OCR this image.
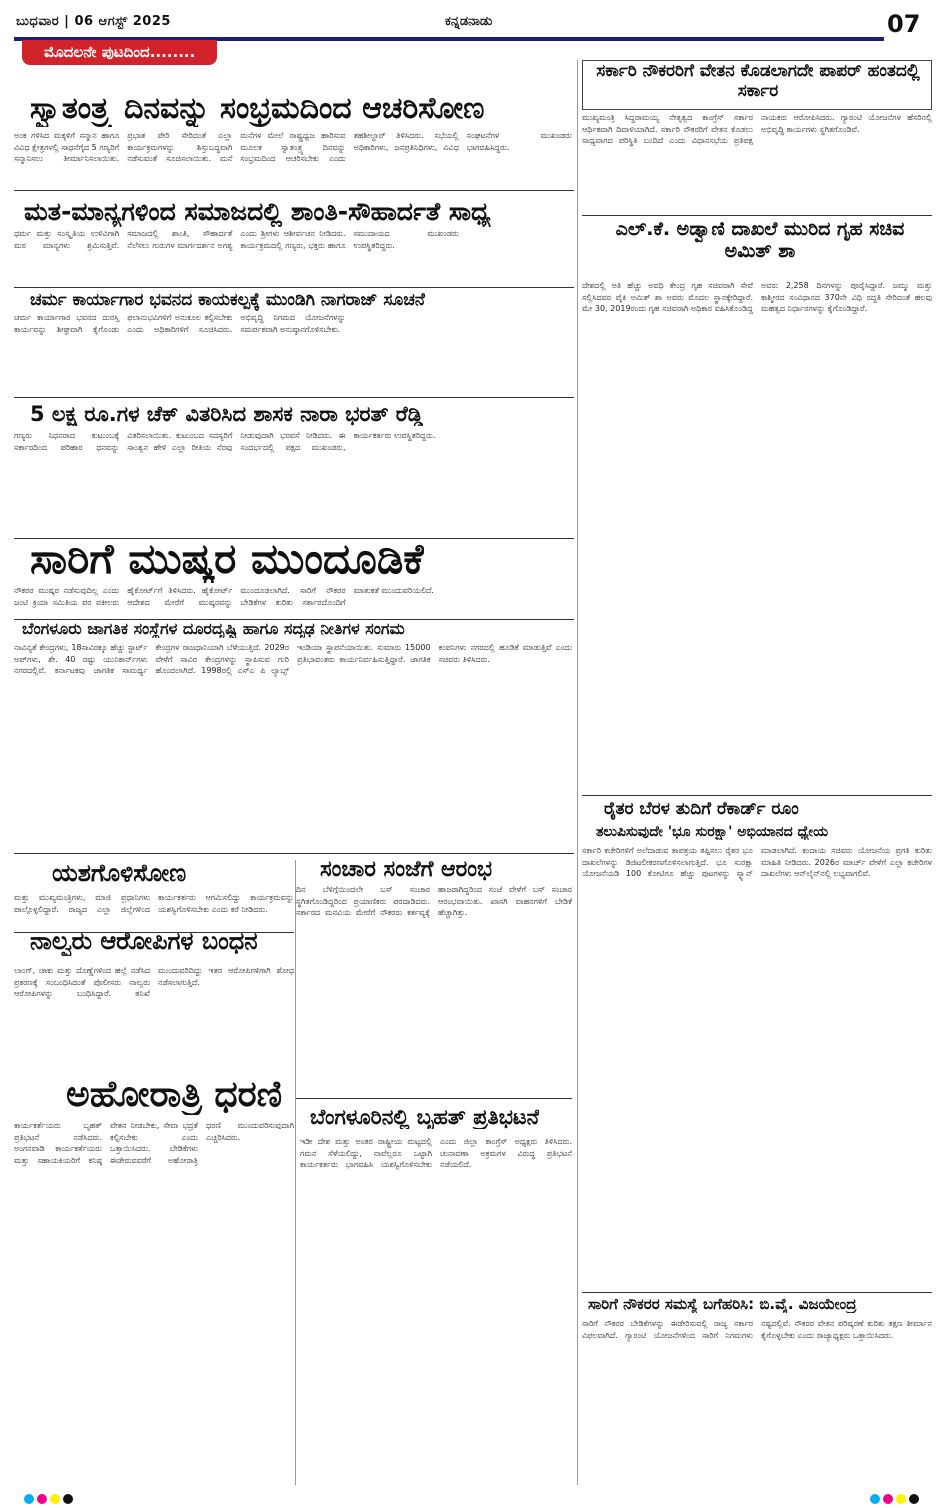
ಬುಧವಾರ | 06 ಆಗಸ್ಟ್ 2025	ಕನ್ನಡನಾಡು	07
ಮೊದಲನೇ ಪುಟದಿಂದ........
ಸ್ವಾತಂತ್ರ್ಯ ದಿನವನ್ನು ಸಂಭ್ರಮದಿಂದ ಆಚರಿಸೋಣ
ಅಂಕ ಗಳಿಸಿದ ಮಕ್ಕಳಿಗೆ ಸನ್ಮಾನ ಹಾಗೂ ವಿವಿಧ ಕ್ಷೇತ್ರಗಳಲ್ಲಿ ಸಾಧನೆಗೈದ 5 ಗಣ್ಯರಿಗೆ ಸನ್ಮಾನಿಸಲು ತೀರ್ಮಾನಿಸಲಾಯಿತು. ಪ್ರಭಾತ ಪೇರಿ ಸೇರಿದಂತೆ ಎಲ್ಲಾ ಕಾರ್ಯಕ್ರಮಗಳನ್ನು ಶಿಸ್ತುಬದ್ಧವಾಗಿ ನಡೆಸುವಂತೆ ಸೂಚಿಸಲಾಯಿತು. ಮನೆ ಮನೆಗಳ ಮೇಲೆ ರಾಷ್ಟ್ರಧ್ವಜ ಹಾರಿಸುವ ಮೂಲಕ ಸ್ವಾತಂತ್ರ್ಯ ದಿನವನ್ನು ಸಂಭ್ರಮದಿಂದ ಆಚರಿಸಬೇಕು ಎಂದು ತಹಶೀಲ್ದಾರ್ ತಿಳಿಸಿದರು. ಸಭೆಯಲ್ಲಿ ಅಧಿಕಾರಿಗಳು, ಜನಪ್ರತಿನಿಧಿಗಳು, ವಿವಿಧ ಸಂಘಟನೆಗಳ ಮುಖಂಡರು ಭಾಗವಹಿಸಿದ್ದರು.
ಮತ-ಮಾನ್ಯಗಳಿಂದ ಸಮಾಜದಲ್ಲಿ ಶಾಂತಿ-ಸೌಹಾರ್ದತೆ ಸಾಧ್ಯ
ಧರ್ಮ ಮತ್ತು ಸಂಸ್ಕೃತಿಯ ಉಳಿವಿಗಾಗಿ ಮಠ ಮಾನ್ಯಗಳು ಶ್ರಮಿಸುತ್ತಿವೆ. ಸಮಾಜದಲ್ಲಿ ಶಾಂತಿ, ಸೌಹಾರ್ದತೆ ನೆಲೆಸಲು ಗುರುಗಳ ಮಾರ್ಗದರ್ಶನ ಅಗತ್ಯ ಎಂದು ಶ್ರೀಗಳು ಆಶೀರ್ವಚನ ನೀಡಿದರು. ಕಾರ್ಯಕ್ರಮದಲ್ಲಿ ಗಣ್ಯರು, ಭಕ್ತರು ಹಾಗೂ ಸಮುದಾಯದ ಮುಖಂಡರು ಉಪಸ್ಥಿತರಿದ್ದರು.
ಚರ್ಮ ಕಾರ್ಯಾಗಾರ ಭವನದ ಕಾಯಕಲ್ಪಕ್ಕೆ ಮುಂಡಿಗಿ ನಾಗರಾಜ್ ಸೂಚನೆ
ಚರ್ಮ ಕಾರ್ಯಾಗಾರ ಭವನದ ದುರಸ್ತಿ ಕಾರ್ಯವನ್ನು ಶೀಘ್ರವಾಗಿ ಕೈಗೊಂಡು ಫಲಾನುಭವಿಗಳಿಗೆ ಅನುಕೂಲ ಕಲ್ಪಿಸಬೇಕು ಎಂದು ಅಧಿಕಾರಿಗಳಿಗೆ ಸೂಚಿಸಿದರು. ಅಭಿವೃದ್ಧಿ ನಿಗಮದ ಯೋಜನೆಗಳನ್ನು ಸಮರ್ಪಕವಾಗಿ ಅನುಷ್ಠಾನಗೊಳಿಸಬೇಕು.
5 ಲಕ್ಷ ರೂ.ಗಳ ಚೆಕ್ ವಿತರಿಸಿದ ಶಾಸಕ ನಾರಾ ಭರತ್ ರೆಡ್ಡಿ
ಗಣ್ಯರು ನಿಧನರಾದ ಕುಟುಂಬಕ್ಕೆ ಸರ್ಕಾರದಿಂದ ಪರಿಹಾರ ಧನವನ್ನು ವಿತರಿಸಲಾಯಿತು. ಕುಟುಂಬದ ಸದಸ್ಯರಿಗೆ ಸಾಂತ್ವನ ಹೇಳಿ ಎಲ್ಲಾ ರೀತಿಯ ನೆರವು ನೀಡುವುದಾಗಿ ಭರವಸೆ ನೀಡಿದರು. ಈ ಸಂದರ್ಭದಲ್ಲಿ ಪಕ್ಷದ ಮುಖಂಡರು, ಕಾರ್ಯಕರ್ತರು ಉಪಸ್ಥಿತರಿದ್ದರು.
ಸಾರಿಗೆ ಮುಷ್ಕರ ಮುಂದೂಡಿಕೆ
ನೌಕರರ ಮುಷ್ಕರ ನಡೆಸುವುದಿಲ್ಲ ಎಂದು ಜಂಟಿ ಕ್ರಿಯಾ ಸಮಿತಿಯ ಪರ ವಕೀಲರು ಹೈಕೋರ್ಟ್‌ಗೆ ತಿಳಿಸಿದರು. ಹೈಕೋರ್ಟ್ ಆದೇಶದ ಮೇರೆಗೆ ಮುಷ್ಕರವನ್ನು ಮುಂದೂಡಲಾಗಿದೆ. ಸಾರಿಗೆ ನೌಕರರ ಬೇಡಿಕೆಗಳ ಕುರಿತು ಸರ್ಕಾರದೊಂದಿಗೆ ಮಾತುಕತೆ ಮುಂದುವರಿಯಲಿದೆ.
ಬೆಂಗಳೂರು ಜಾಗತಿಕ ಸಂಸ್ಥೆಗಳ ದೂರದೃಷ್ಟಿ ಹಾಗೂ ಸದೃಢ ನೀತಿಗಳ ಸಂಗಮ
ನಾವಿನ್ಯತೆ ಕೇಂದ್ರಗಳು, 18ಸಾವಿರಕ್ಕೂ ಹೆಚ್ಚು ಸ್ಟಾರ್ಟ್ ಅಪ್‌ಗಳು, ಶೇ. 40 ರಷ್ಟು ಯುನಿಕಾರ್ನ್‌ಗಳು ನಗರದಲ್ಲಿವೆ. ಕರ್ನಾಟಕವು ಜಾಗತಿಕ ಸಾಮರ್ಥ್ಯ ಕೇಂದ್ರಗಳ ರಾಜಧಾನಿಯಾಗಿ ಬೆಳೆಯುತ್ತಿದೆ. 2029ರ ವೇಳೆಗೆ ಸಾವಿರ ಕೇಂದ್ರಗಳನ್ನು ಸ್ಥಾಪಿಸುವ ಗುರಿ ಹೊಂದಲಾಗಿದೆ. 1998ರಲ್ಲಿ ಎಸ್ಎ ಪಿ ಲ್ಯಾಬ್ಸ್ ಇಂಡಿಯಾ ಸ್ಥಾಪನೆಯಾಯಿತು. ಸುಮಾರು 15000 ಪ್ರತಿಭಾವಂತರು ಕಾರ್ಯನಿರ್ವಹಿಸುತ್ತಿದ್ದಾರೆ. ಜಾಗತಿಕ ಕಂಪನಿಗಳು ನಗರದಲ್ಲಿ ಹೂಡಿಕೆ ಮಾಡುತ್ತಿವೆ ಎಂದು ಸಚಿವರು ತಿಳಿಸಿದರು.
ಯಶಗೊಳಿಸೋಣ
ಮತ್ತು ಮುಖ್ಯಮಂತ್ರಿಗಳು, ಮಾಜಿ ಪ್ರಧಾನಿಗಳು ಪಾಲ್ಗೊಳ್ಳಲಿದ್ದಾರೆ. ರಾಜ್ಯದ ಎಲ್ಲಾ ಜಿಲ್ಲೆಗಳಿಂದ ಕಾರ್ಯಕರ್ತರು ಆಗಮಿಸಲಿದ್ದು ಕಾರ್ಯಕ್ರಮವನ್ನು ಯಶಸ್ವಿಗೊಳಿಸಬೇಕು ಎಂದು ಕರೆ ನೀಡಿದರು.
ಸಂಚಾರ ಸಂಜೆಗೆ ಆರಂಭ
ದಿನ ಬೆಳಿಗ್ಗೆಯಿಂದಲೇ ಬಸ್ ಸಂಚಾರ ಸ್ಥಗಿತಗೊಂಡಿದ್ದರಿಂದ ಪ್ರಯಾಣಿಕರು ಪರದಾಡಿದರು. ಸರ್ಕಾರದ ಮನವಿಯ ಮೇರೆಗೆ ನೌಕರರು ಕರ್ತವ್ಯಕ್ಕೆ ಹಾಜರಾಗಿದ್ದರಿಂದ ಸಂಜೆ ವೇಳೆಗೆ ಬಸ್ ಸಂಚಾರ ಆರಂಭವಾಯಿತು. ಖಾಸಗಿ ವಾಹನಗಳಿಗೆ ಬೇಡಿಕೆ ಹೆಚ್ಚಾಗಿತ್ತು.
ನಾಲ್ವರು ಆರೋಪಿಗಳ ಬಂಧನ
ಲಾಂಗ್, ಚಾಕು ಮತ್ತು ದೊಣ್ಣೆಗಳಿಂದ ಹಲ್ಲೆ ನಡೆಸಿದ ಪ್ರಕರಣಕ್ಕೆ ಸಂಬಂಧಿಸಿದಂತೆ ಪೊಲೀಸರು ನಾಲ್ವರು ಆರೋಪಿಗಳನ್ನು ಬಂಧಿಸಿದ್ದಾರೆ. ತನಿಖೆ ಮುಂದುವರಿದಿದ್ದು ಇತರ ಆರೋಪಿಗಳಿಗಾಗಿ ಶೋಧ ನಡೆಸಲಾಗುತ್ತಿದೆ.
ಅಹೋರಾತ್ರಿ ಧರಣಿ
ಕಾರ್ಯಕರ್ತೆಯರು ಬೃಹತ್ ಪ್ರತಿಭಟನೆ ನಡೆಸಿದರು. ಅಂಗನವಾಡಿ ಕಾರ್ಯಕರ್ತೆಯರು ಮತ್ತು ಸಹಾಯಕಿಯರಿಗೆ ಕನಿಷ್ಠ ವೇತನ ನೀಡಬೇಕು, ಸೇವಾ ಭದ್ರತೆ ಕಲ್ಪಿಸಬೇಕು ಎಂದು ಒತ್ತಾಯಿಸಿದರು. ಬೇಡಿಕೆಗಳು ಈಡೇರುವವರೆಗೆ ಅಹೋರಾತ್ರಿ ಧರಣಿ ಮುಂದುವರಿಸುವುದಾಗಿ ಎಚ್ಚರಿಸಿದರು.
ಬೆಂಗಳೂರಿನಲ್ಲಿ ಬೃಹತ್ ಪ್ರತಿಭಟನೆ
ಇಡೀ ದೇಶ ಮತ್ತು ಅಂತರ ರಾಷ್ಟ್ರೀಯ ಮಟ್ಟದಲ್ಲಿ ಗಮನ ಸೆಳೆಯಲಿದ್ದು, ನಾವೆಲ್ಲರೂ ಒಟ್ಟಾಗಿ ಕಾರ್ಯಕರ್ತರು ಭಾಗವಹಿಸಿ ಯಶಸ್ವಿಗೊಳಿಸಬೇಕು ಎಂದು ಜಿಲ್ಲಾ ಕಾಂಗ್ರೆಸ್ ಅಧ್ಯಕ್ಷರು ತಿಳಿಸಿದರು. ಚುನಾವಣಾ ಅಕ್ರಮಗಳ ವಿರುದ್ಧ ಪ್ರತಿಭಟನೆ ನಡೆಯಲಿದೆ.
ಸರ್ಕಾರಿ ನೌಕರರಿಗೆ ವೇತನ ಕೊಡಲಾಗದೇ ಪಾಪರ್ ಹಂತದಲ್ಲಿ ಸರ್ಕಾರ
ಮುಖ್ಯಮಂತ್ರಿ ಸಿದ್ದರಾಮಯ್ಯ ನೇತೃತ್ವದ ಕಾಂಗ್ರೆಸ್ ಸರ್ಕಾರ ಆರ್ಥಿಕವಾಗಿ ದಿವಾಳಿಯಾಗಿದೆ. ಸರ್ಕಾರಿ ನೌಕರರಿಗೆ ವೇತನ ಕೊಡಲು ಸಾಧ್ಯವಾಗದ ಪರಿಸ್ಥಿತಿ ಬಂದಿದೆ ಎಂದು ವಿಧಾನಸಭೆಯ ಪ್ರತಿಪಕ್ಷ ನಾಯಕರು ಆರೋಪಿಸಿದರು. ಗ್ಯಾರಂಟಿ ಯೋಜನೆಗಳ ಹೆಸರಿನಲ್ಲಿ ಅಭಿವೃದ್ಧಿ ಕಾರ್ಯಗಳು ಸ್ಥಗಿತಗೊಂಡಿವೆ.
ಎಲ್.ಕೆ. ಅಡ್ವಾಣಿ ದಾಖಲೆ ಮುರಿದ ಗೃಹ ಸಚಿವ ಅಮಿತ್ ಶಾ
ದೇಶದಲ್ಲಿ ಅತಿ ಹೆಚ್ಚು ಅವಧಿ ಕೇಂದ್ರ ಗೃಹ ಸಚಿವರಾಗಿ ಸೇವೆ ಸಲ್ಲಿಸಿದವರ ಪೈಕಿ ಅಮಿತ್ ಶಾ ಅವರು ಮೊದಲ ಸ್ಥಾನಕ್ಕೇರಿದ್ದಾರೆ. ಮೇ 30, 2019ರಂದು ಗೃಹ ಸಚಿವರಾಗಿ ಅಧಿಕಾರ ವಹಿಸಿಕೊಂಡಿದ್ದ ಅವರು 2,258 ದಿನಗಳನ್ನು ಪೂರೈಸಿದ್ದಾರೆ. ಜಮ್ಮು ಮತ್ತು ಕಾಶ್ಮೀರದ ಸಂವಿಧಾನದ 370ನೇ ವಿಧಿ ರದ್ದತಿ ಸೇರಿದಂತೆ ಹಲವು ಮಹತ್ವದ ನಿರ್ಧಾರಗಳನ್ನು ಕೈಗೊಂಡಿದ್ದಾರೆ.
ರೈತರ ಬೆರಳ ತುದಿಗೆ ರೆಕಾರ್ಡ್ ರೂಂ
ತಲುಪಿಸುವುದೇ 'ಭೂ ಸುರಕ್ಷಾ' ಅಭಿಯಾನದ ಧ್ಯೇಯ
ಸರ್ಕಾರಿ ಕಚೇರಿಗಳಿಗೆ ಅಲೆದಾಡುವ ತಾಪತ್ರಯ ತಪ್ಪಿಸಲು ರೈತರ ಭೂ ದಾಖಲೆಗಳನ್ನು ಡಿಜಿಟಲೀಕರಣಗೊಳಿಸಲಾಗುತ್ತಿದೆ. ಭೂ ಸುರಕ್ಷಾ ಯೋಜನೆಯಡಿ 100 ಕೋಟಿಗೂ ಹೆಚ್ಚು ಪುಟಗಳನ್ನು ಸ್ಕ್ಯಾನ್ ಮಾಡಲಾಗಿದೆ. ಕಂದಾಯ ಸಚಿವರು ಯೋಜನೆಯ ಪ್ರಗತಿ ಕುರಿತು ಮಾಹಿತಿ ನೀಡಿದರು. 2026ರ ಮಾರ್ಚ್ ವೇಳೆಗೆ ಎಲ್ಲಾ ಕಚೇರಿಗಳ ದಾಖಲೆಗಳು ಆನ್‌ಲೈನ್‌ನಲ್ಲಿ ಲಭ್ಯವಾಗಲಿವೆ.
ಸಾರಿಗೆ ನೌಕರರ ಸಮಸ್ಯೆ ಬಗೆಹರಿಸಿ: ಬಿ.ವೈ. ವಿಜಯೇಂದ್ರ
ಸಾರಿಗೆ ನೌಕರರ ಬೇಡಿಕೆಗಳನ್ನು ಈಡೇರಿಸುವಲ್ಲಿ ರಾಜ್ಯ ಸರ್ಕಾರ ವಿಫಲವಾಗಿದೆ. ಗ್ಯಾರಂಟಿ ಯೋಜನೆಗಳಿಂದ ಸಾರಿಗೆ ನಿಗಮಗಳು ನಷ್ಟದಲ್ಲಿವೆ. ನೌಕರರ ವೇತನ ಪರಿಷ್ಕರಣೆ ಕುರಿತು ತಕ್ಷಣ ತೀರ್ಮಾನ ಕೈಗೊಳ್ಳಬೇಕು ಎಂದು ರಾಜ್ಯಾಧ್ಯಕ್ಷರು ಒತ್ತಾಯಿಸಿದರು.
